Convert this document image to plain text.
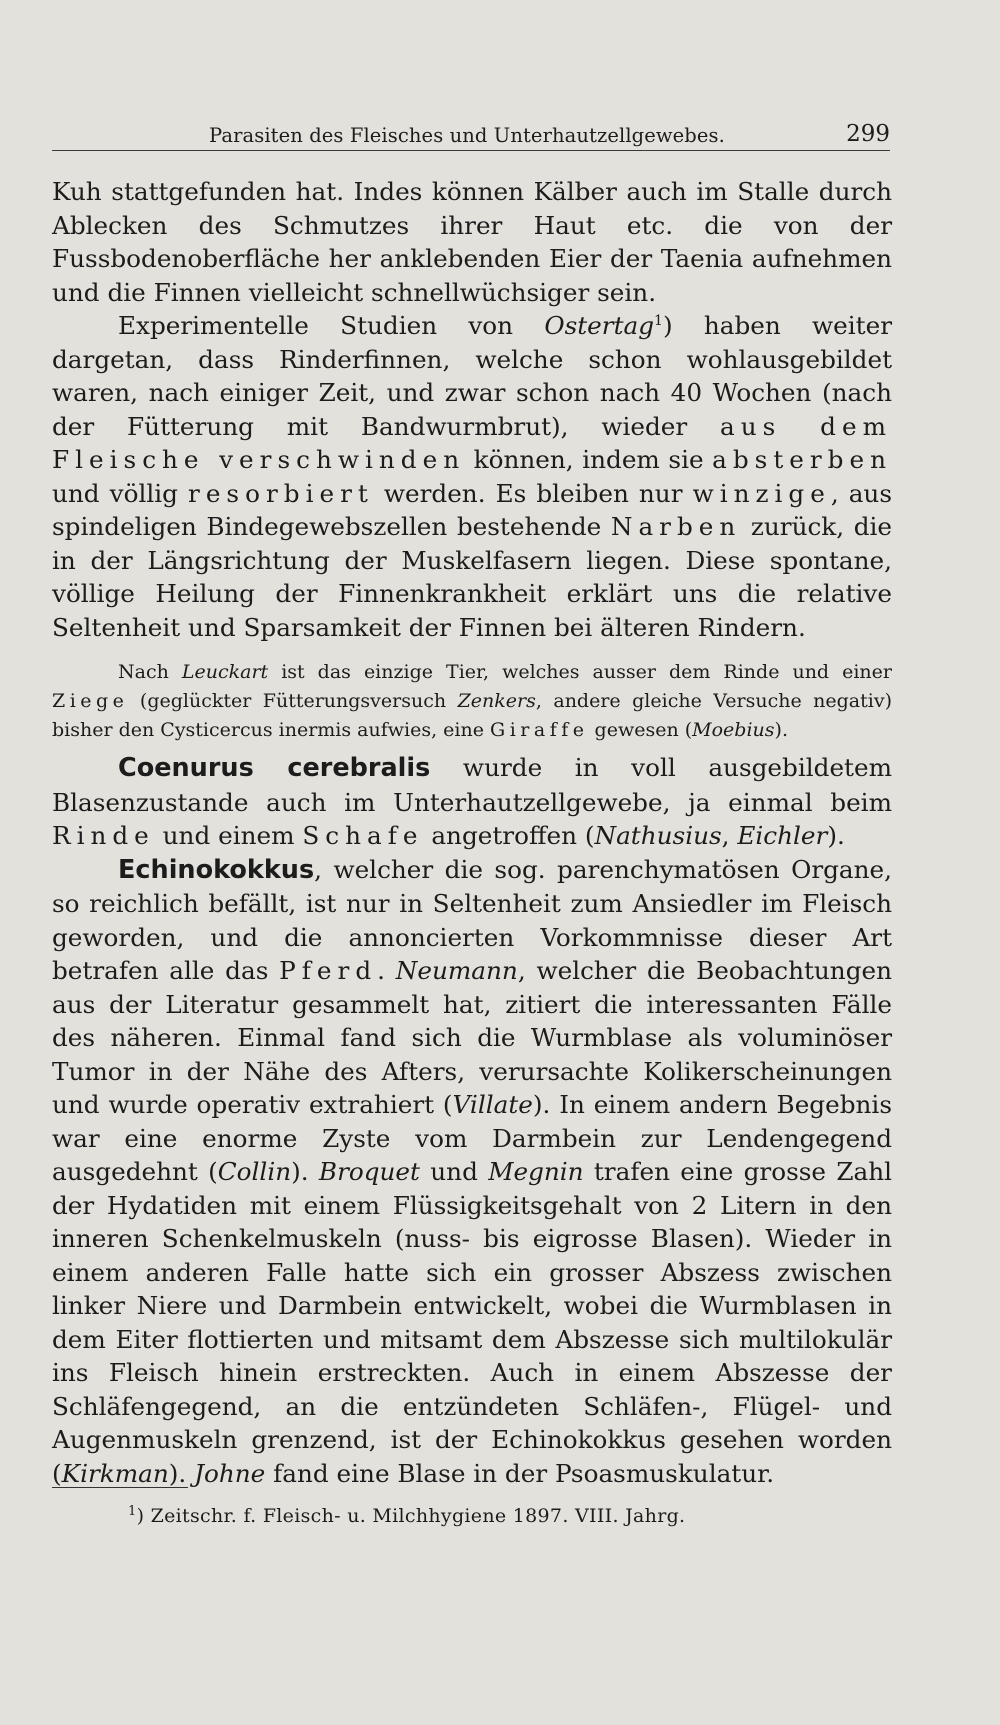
Parasiten des Fleisches und Unterhautzellgewebes.	299

Kuh stattgefunden hat. Indes können Kälber auch im Stalle durch Ablecken des Schmutzes ihrer Haut etc. die von der Fussbodenoberfläche her anklebenden Eier der Taenia aufnehmen und die Finnen vielleicht schnellwüchsiger sein.

Experimentelle Studien von Ostertag$^1$) haben weiter dargetan, dass Rinderfinnen, welche schon wohlausgebildet waren, nach einiger Zeit, und zwar schon nach 40 Wochen (nach der Fütterung mit Bandwurmbrut), wieder aus dem Fleische verschwinden können, indem sie absterben und völlig resorbiert werden. Es bleiben nur winzige, aus spindeligen Bindegewebszellen bestehende Narben zurück, die in der Längsrichtung der Muskelfasern liegen. Diese spontane, völlige Heilung der Finnenkrankheit erklärt uns die relative Seltenheit und Sparsamkeit der Finnen bei älteren Rindern.

Nach Leuckart ist das einzige Tier, welches ausser dem Rinde und einer Ziege (geglückter Fütterungsversuch Zenkers, andere gleiche Versuche negativ) bisher den Cysticercus inermis aufwies, eine Giraffe gewesen (Moebius).

Coenurus cerebralis wurde in voll ausgebildetem Blasenzustande auch im Unterhautzellgewebe, ja einmal beim Rinde und einem Schafe angetroffen (Nathusius, Eichler).

Echinokokkus, welcher die sog. parenchymatösen Organe, so reichlich befällt, ist nur in Seltenheit zum Ansiedler im Fleisch geworden, und die annoncierten Vorkommnisse dieser Art betrafen alle das Pferd. Neumann, welcher die Beobachtungen aus der Literatur gesammelt hat, zitiert die interessanten Fälle des näheren. Einmal fand sich die Wurmblase als voluminöser Tumor in der Nähe des Afters, verursachte Kolikerscheinungen und wurde operativ extrahiert (Villate). In einem andern Begebnis war eine enorme Zyste vom Darmbein zur Lendengegend ausgedehnt (Collin). Broquet und Megnin trafen eine grosse Zahl der Hydatiden mit einem Flüssigkeitsgehalt von 2 Litern in den inneren Schenkelmuskeln (nuss- bis eigrosse Blasen). Wieder in einem anderen Falle hatte sich ein grosser Abszess zwischen linker Niere und Darmbein entwickelt, wobei die Wurmblasen in dem Eiter flottierten und mitsamt dem Abszesse sich multilokulär ins Fleisch hinein erstreckten. Auch in einem Abszesse der Schläfengegend, an die entzündeten Schläfen-, Flügel- und Augenmuskeln grenzend, ist der Echinokokkus gesehen worden (Kirkman). Johne fand eine Blase in der Psoasmuskulatur.

$^1$) Zeitschr. f. Fleisch- u. Milchhygiene 1897. VIII. Jahrg.
